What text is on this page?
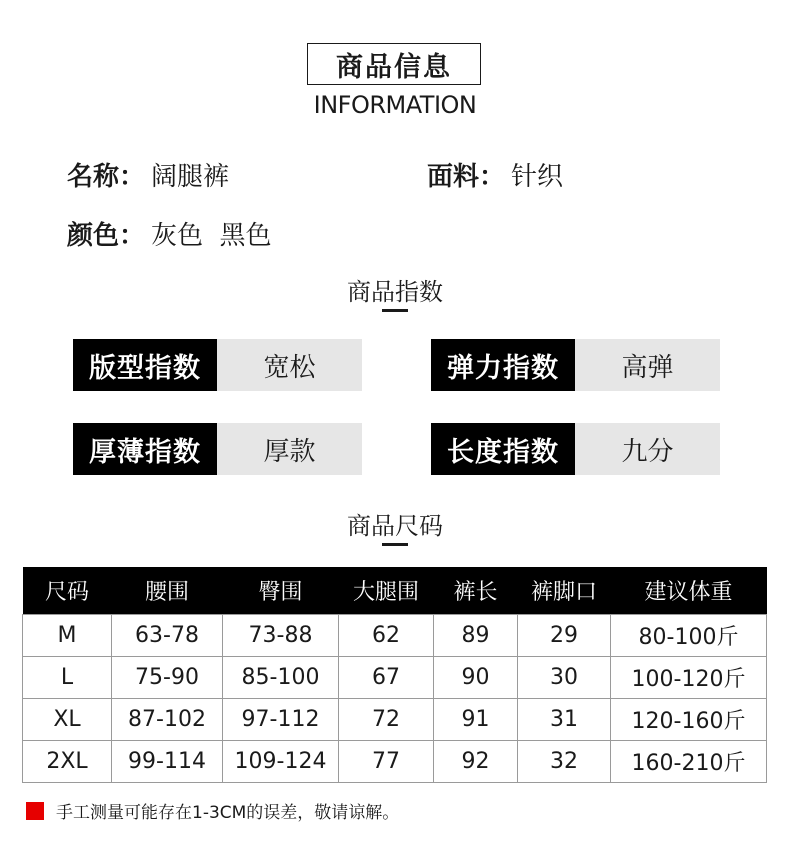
商品信息
INFORMATION
名称： 阔腿裤	面料： 针织
颜色： 灰色  黑色
商品指数
版型指数	宽松	弹力指数	高弹
厚薄指数	厚款	长度指数	九分
商品尺码
尺码	腰围	臀围	大腿围	裤长	裤脚口	建议体重
M	63-78	73-88	62	89	29	80-100斤
L	75-90	85-100	67	90	30	100-120斤
XL	87-102	97-112	72	91	31	120-160斤
2XL	99-114	109-124	77	92	32	160-210斤
手工测量可能存在1-3CM的误差，敬请谅解。
